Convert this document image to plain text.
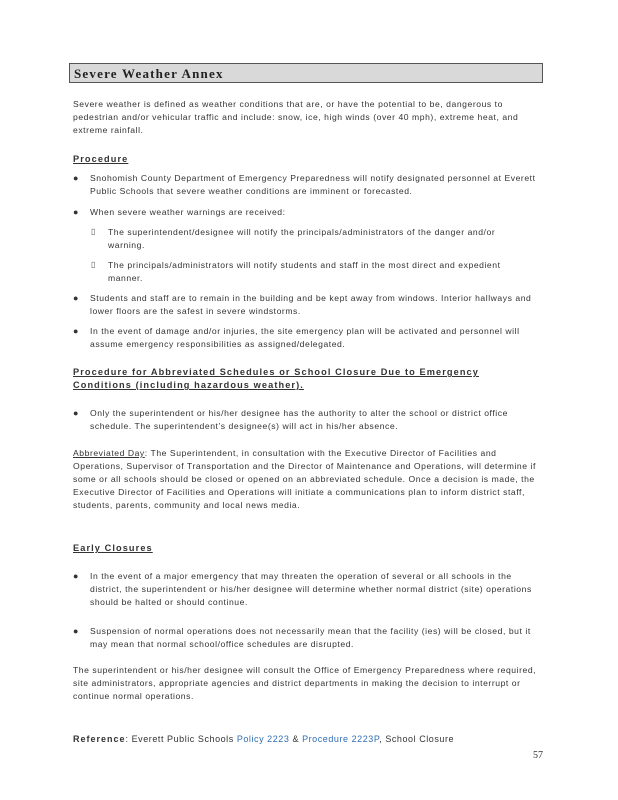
Severe Weather Annex

Severe weather is defined as weather conditions that are, or have the potential to be, dangerous to pedestrian and/or vehicular traffic and include: snow, ice, high winds (over 40 mph), extreme heat, and extreme rainfall.

Procedure

● Snohomish County Department of Emergency Preparedness will notify designated personnel at Everett Public Schools that severe weather conditions are imminent or forecasted.

● When severe weather warnings are received:

▯ The superintendent/designee will notify the principals/administrators of the danger and/or warning.

▯ The principals/administrators will notify students and staff in the most direct and expedient manner.

● Students and staff are to remain in the building and be kept away from windows. Interior hallways and lower floors are the safest in severe windstorms.

● In the event of damage and/or injuries, the site emergency plan will be activated and personnel will assume emergency responsibilities as assigned/delegated.

Procedure for Abbreviated Schedules or School Closure Due to Emergency Conditions (including hazardous weather).

● Only the superintendent or his/her designee has the authority to alter the school or district office schedule. The superintendent’s designee(s) will act in his/her absence.

Abbreviated Day: The Superintendent, in consultation with the Executive Director of Facilities and Operations, Supervisor of Transportation and the Director of Maintenance and Operations, will determine if some or all schools should be closed or opened on an abbreviated schedule. Once a decision is made, the Executive Director of Facilities and Operations will initiate a communications plan to inform district staff, students, parents, community and local news media.

Early Closures

● In the event of a major emergency that may threaten the operation of several or all schools in the district, the superintendent or his/her designee will determine whether normal district (site) operations should be halted or should continue.

● Suspension of normal operations does not necessarily mean that the facility (ies) will be closed, but it may mean that normal school/office schedules are disrupted.

The superintendent or his/her designee will consult the Office of Emergency Preparedness where required, site administrators, appropriate agencies and district departments in making the decision to interrupt or continue normal operations.

Reference: Everett Public Schools Policy 2223 & Procedure 2223P, School Closure

57
